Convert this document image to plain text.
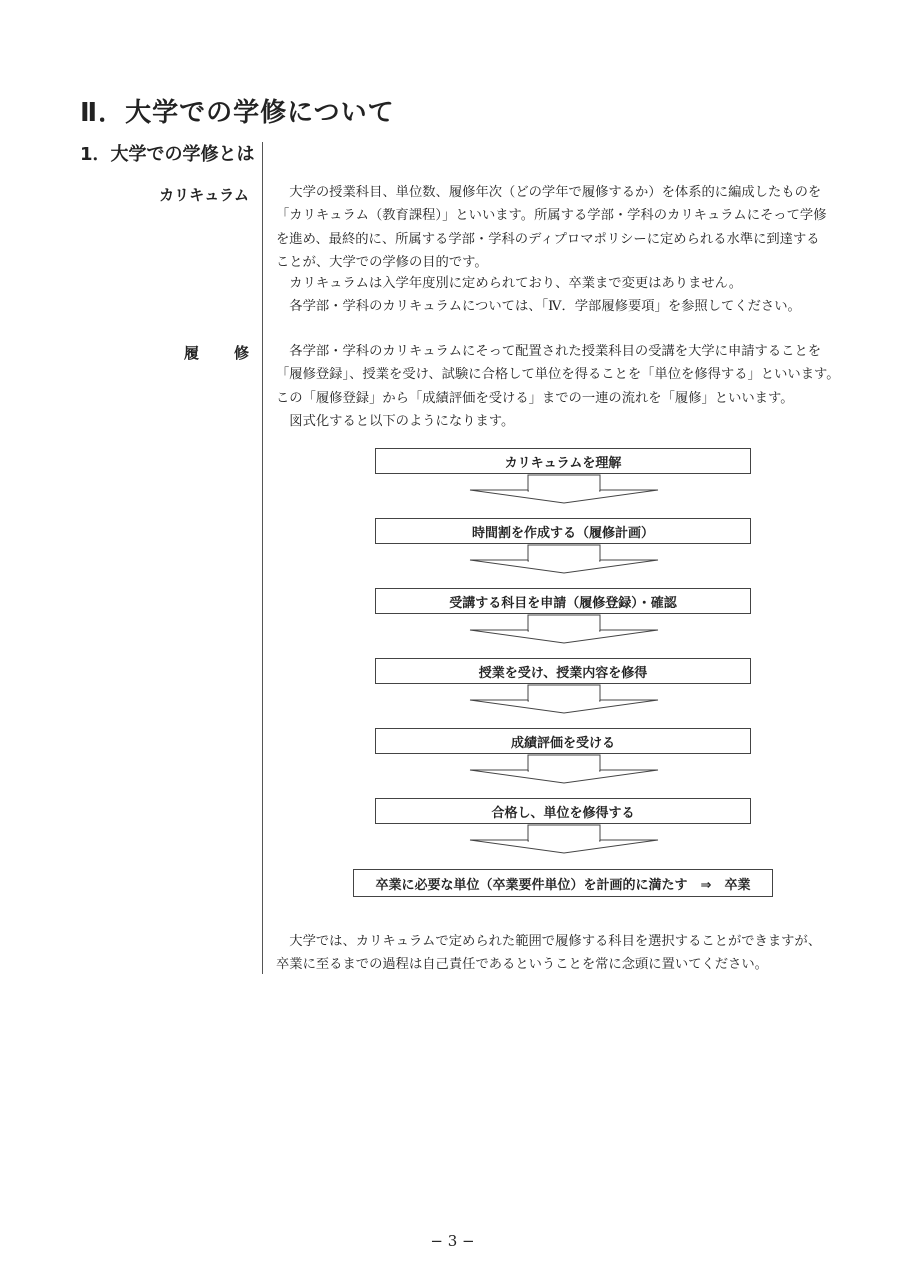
Ⅱ．大学での学修について
1．大学での学修とは
カリキュラム	　大学の授業科目、単位数、履修年次（どの学年で履修するか）を体系的に編成したものを
「カリキュラム（教育課程）」といいます。所属する学部・学科のカリキュラムにそって学修
を進め、最終的に、所属する学部・学科のディプロマポリシーに定められる水準に到達する
ことが、大学での学修の目的です。

　カリキュラムは入学年度別に定められており、卒業まで変更はありません。

　各学部・学科のカリキュラムについては、「Ⅳ．学部履修要項」を参照してください。

履　修	　各学部・学科のカリキュラムにそって配置された授業科目の受講を大学に申請することを
「履修登録」、授業を受け、試験に合格して単位を得ることを「単位を修得する」といいます。
この「履修登録」から「成績評価を受ける」までの一連の流れを「履修」といいます。

　図式化すると以下のようになります。

カリキュラムを理解
時間割を作成する（履修計画）
受講する科目を申請（履修登録）・確認
授業を受け、授業内容を修得
成績評価を受ける
合格し、単位を修得する
卒業に必要な単位（卒業要件単位）を計画的に満たす　⇒　卒業

　大学では、カリキュラムで定められた範囲で履修する科目を選択することができますが、
卒業に至るまでの過程は自己責任であるということを常に念頭に置いてください。

− 3 −
